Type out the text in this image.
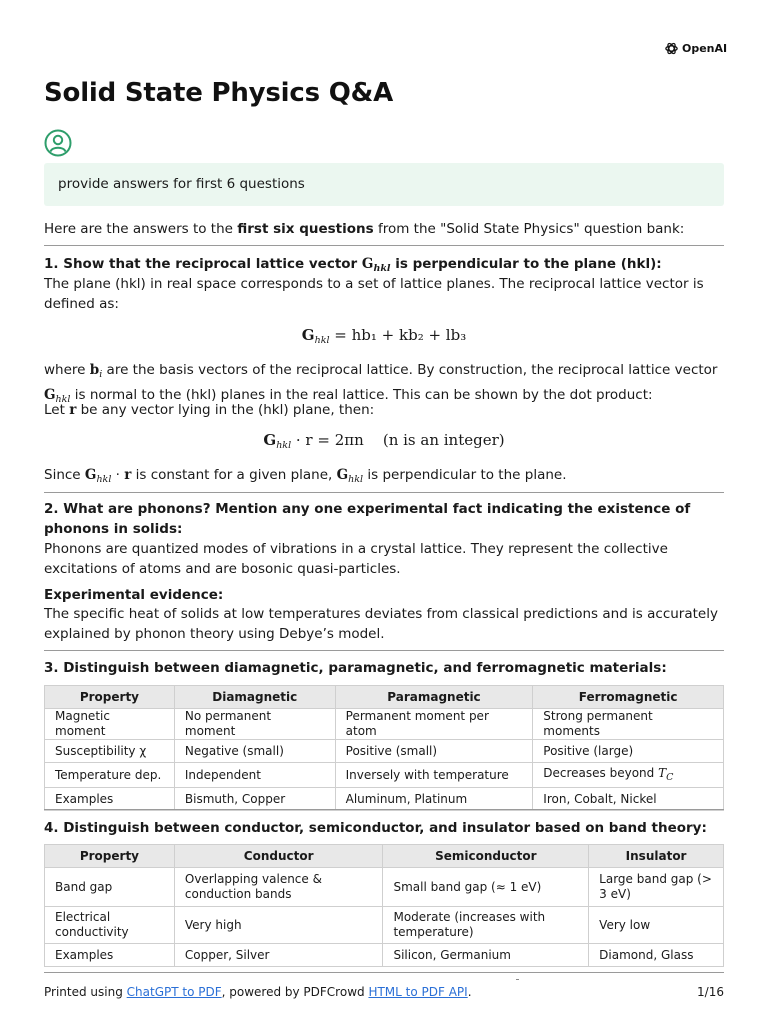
OpenAI
Solid State Physics Q&A
provide answers for first 6 questions
Here are the answers to the first six questions from the "Solid State Physics" question bank:
1. Show that the reciprocal lattice vector $G_{hkl}$ is perpendicular to the plane (hkl):
The plane (hkl) in real space corresponds to a set of lattice planes. The reciprocal lattice vector is defined as:
$G_{hkl} = hb_1 + kb_2 + lb_3$
where $b_i$ are the basis vectors of the reciprocal lattice. By construction, the reciprocal lattice vector $G_{hkl}$ is normal to the (hkl) planes in the real lattice. This can be shown by the dot product:
Let r be any vector lying in the (hkl) plane, then:
$G_{hkl} \cdot r = 2\pi n$ (n is an integer)
Since $G_{hkl} \cdot r$ is constant for a given plane, $G_{hkl}$ is perpendicular to the plane.
2. What are phonons? Mention any one experimental fact indicating the existence of phonons in solids:
Phonons are quantized modes of vibrations in a crystal lattice. They represent the collective excitations of atoms and are bosonic quasi-particles.
Experimental evidence:
The specific heat of solids at low temperatures deviates from classical predictions and is accurately explained by phonon theory using Debye’s model.
3. Distinguish between diamagnetic, paramagnetic, and ferromagnetic materials:
Property	Diamagnetic	Paramagnetic	Ferromagnetic
Magnetic moment	No permanent moment	Permanent moment per atom	Strong permanent moments
Susceptibility χ	Negative (small)	Positive (small)	Positive (large)
Temperature dep.	Independent	Inversely with temperature	Decreases beyond $T_C$
Examples	Bismuth, Copper	Aluminum, Platinum	Iron, Cobalt, Nickel
4. Distinguish between conductor, semiconductor, and insulator based on band theory:
Property	Conductor	Semiconductor	Insulator
Band gap	Overlapping valence & conduction bands	Small band gap (≈ 1 eV)	Large band gap (> 3 eV)
Electrical conductivity	Very high	Moderate (increases with temperature)	Very low
Examples	Copper, Silver	Silicon, Germanium	Diamond, Glass
Printed using ChatGPT to PDF, powered by PDFCrowd HTML to PDF API.	1/16
